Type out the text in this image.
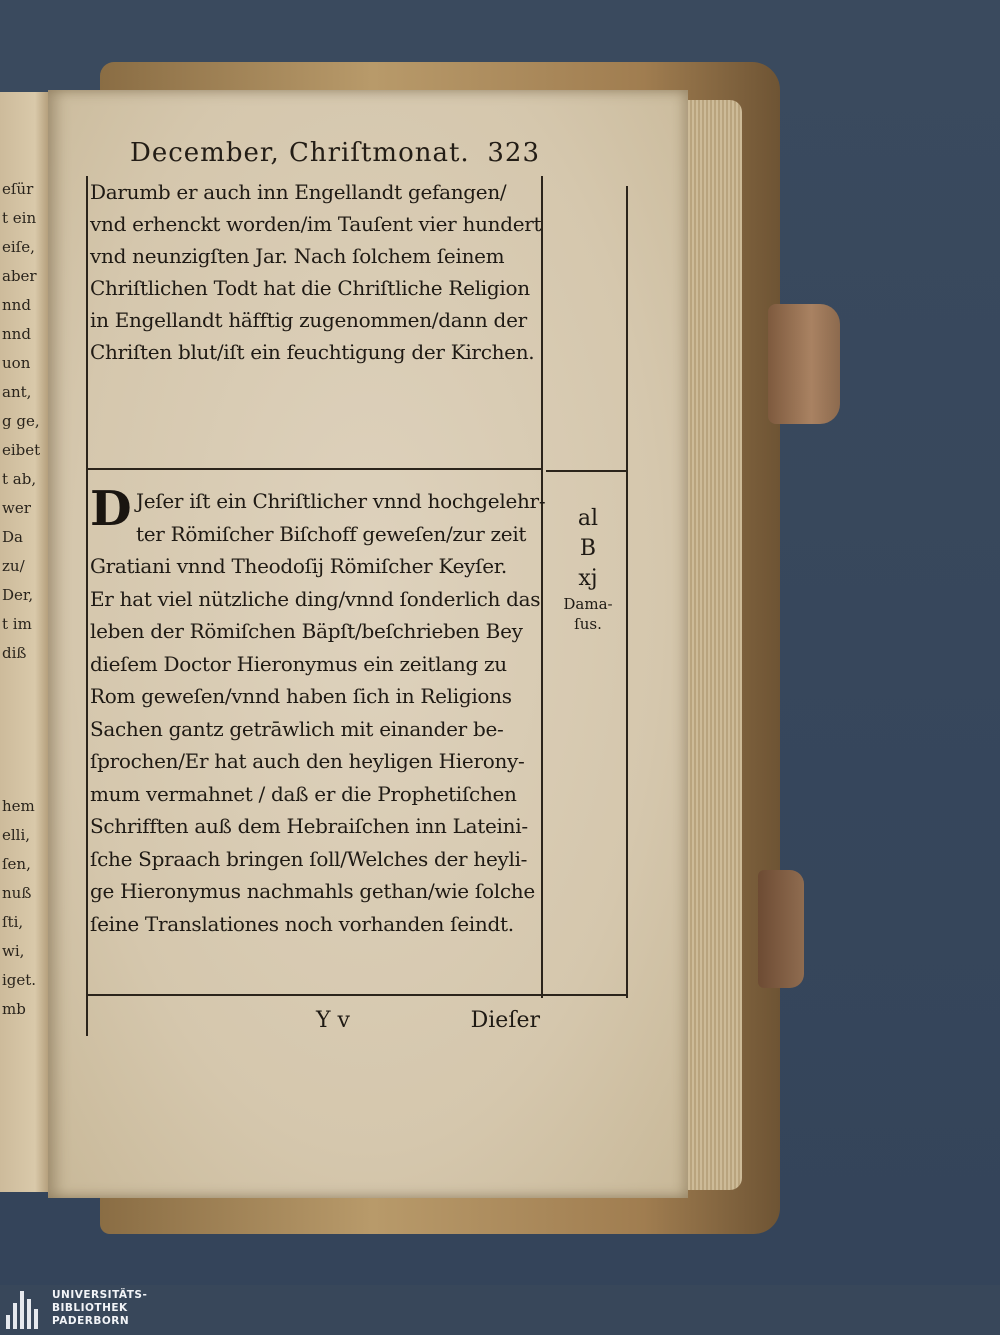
eſür
t ein
eiſe,
aber
nnd
nnd
uon
ant,
g ge,
eibet
t ab,
wer
Da
zu/
Der,
t im
diß
hem
elli,
ſen,
nuß
ſti,
wi,
iget.
mb
December, Chriſtmonat. 323
Darumb er auch inn Engellandt gefangen/
vnd erhenckt worden/im Tauſent vier hundert
vnd neunzigſten Jar. Nach ſolchem ſeinem
Chriſtlichen Todt hat die Chriſtliche Religion
in Engellandt häfftig zugenommen/dann der
Chriſten blut/iſt ein feuchtigung der Kirchen.
D Jeſer iſt ein Chriſtlicher vnnd hochgelehr-
ter Römiſcher Biſchoff geweſen/zur zeit
Gratiani vnnd Theodoſij Römiſcher Keyſer.
Er hat viel nützliche ding/vnnd ſonderlich das
leben der Römiſchen Bäpſt/beſchrieben Bey
dieſem Doctor Hieronymus ein zeitlang zu
Rom geweſen/vnnd haben ſich in Religions
Sachen gantz getrāwlich mit einander be-
ſprochen/Er hat auch den heyligen Hierony-
mum vermahnet / daß er die Prophetiſchen
Schrifften auß dem Hebraiſchen inn Lateini-
ſche Spraach bringen ſoll/Welches der heyli-
ge Hieronymus nachmahls gethan/wie ſolche
ſeine Translationes noch vorhanden ſeindt.
al
B
xj
Dama-
ſus.
Y v	Dieſer
UNIVERSITÄTS-
BIBLIOTHEK
PADERBORN
